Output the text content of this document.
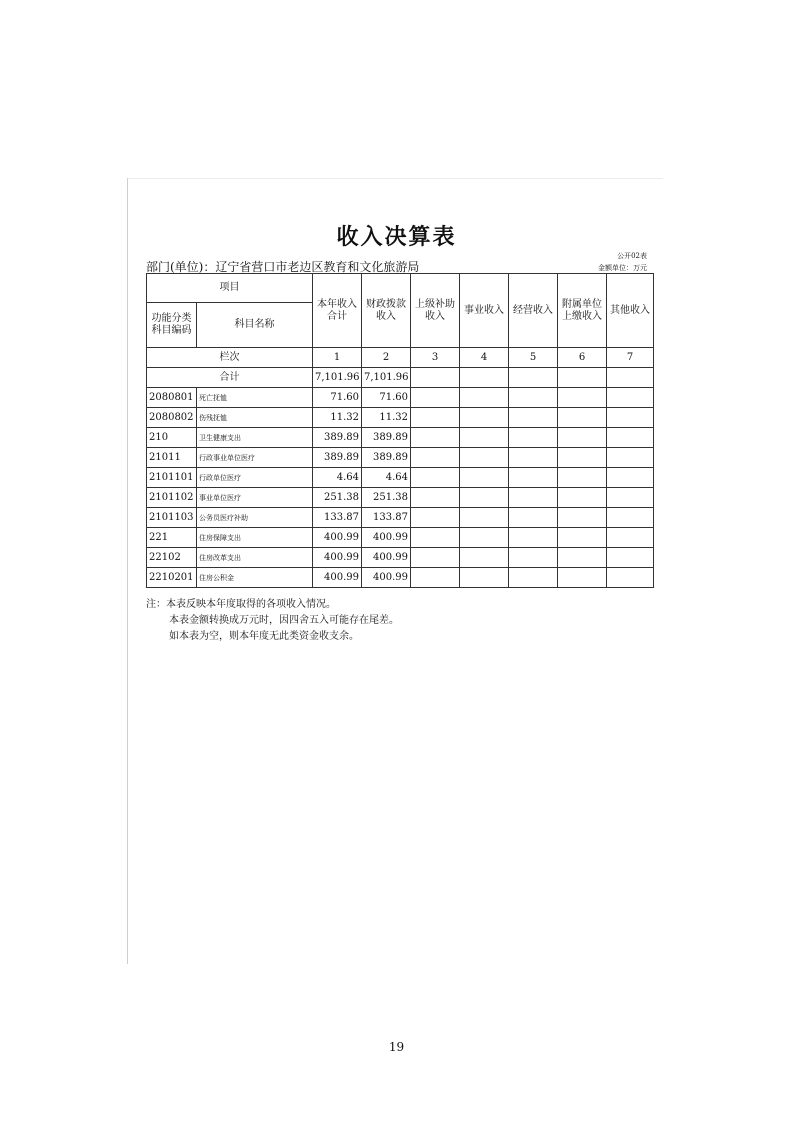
收入决算表
公开02表
金额单位：万元
部门(单位)：辽宁省营口市老边区教育和文化旅游局
项目		本年收入合计	财政拨款收入	上级补助收入	事业收入	经营收入	附属单位上缴收入	其他收入
功能分类科目编码	科目名称							
栏次		1	2	3	4	5	6	7
合计		7,101.96	7,101.96					
2080801	死亡抚恤	71.60	71.60					
2080802	伤残抚恤	11.32	11.32					
210	卫生健康支出	389.89	389.89					
21011	行政事业单位医疗	389.89	389.89					
2101101	行政单位医疗	4.64	4.64					
2101102	事业单位医疗	251.38	251.38					
2101103	公务员医疗补助	133.87	133.87					
221	住房保障支出	400.99	400.99					
22102	住房改革支出	400.99	400.99					
2210201	住房公积金	400.99	400.99					
注：本表反映本年度取得的各项收入情况。
本表金额转换成万元时，因四舍五入可能存在尾差。
如本表为空，则本年度无此类资金收支余。
19
